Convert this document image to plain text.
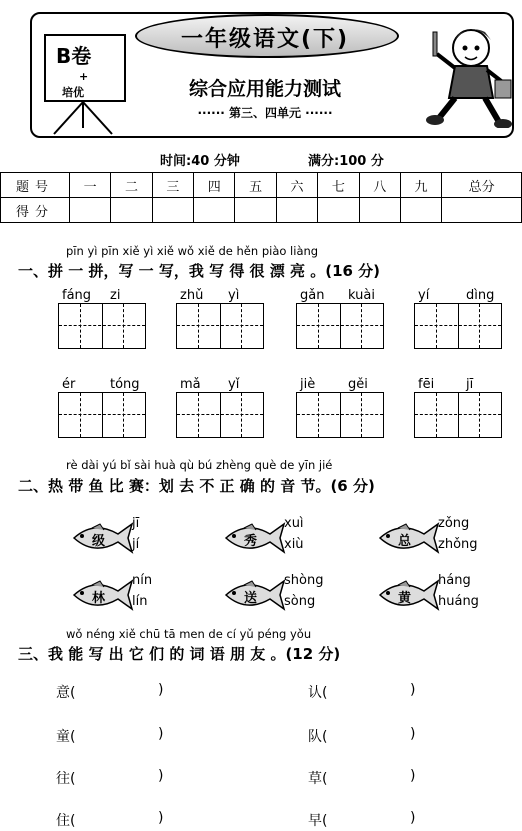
一年级语文(下)
综合应用能力测试
······ 第三、四单元 ······
B卷
+
培优
时间:40 分钟	满分:100 分
题号	一	二	三	四	五	六	七	八	九	总分
得分										
pīn yì pīn xiě yì xiě wǒ xiě de hěn piào liàng
一、拼 一 拼，写 一 写，我 写 得 很 漂 亮 。(16 分)
fáng zi	zhǔ yì	gǎn kuài	yí	dìng
ér	tóng	mǎ yǐ	jiè	gěi	fēi jī
rè dài yú bǐ sài huà qù bú zhèng què de yīn jié
二、热 带 鱼 比 赛：划 去 不 正 确 的 音 节。(6 分)
级
jī
jí	秀
xuì
xiù	总
zǒng
zhǒng
林
nín
lín	送
shòng
sòng	黄
háng
huáng
wǒ néng xiě chū tā men de cí yǔ péng yǒu
三、我 能 写 出 它 们 的 词 语 朋 友 。(12 分)
意(	)	认(	)
童(	)	队(	)
往(	)	草(	)
住(	)	早(	)
